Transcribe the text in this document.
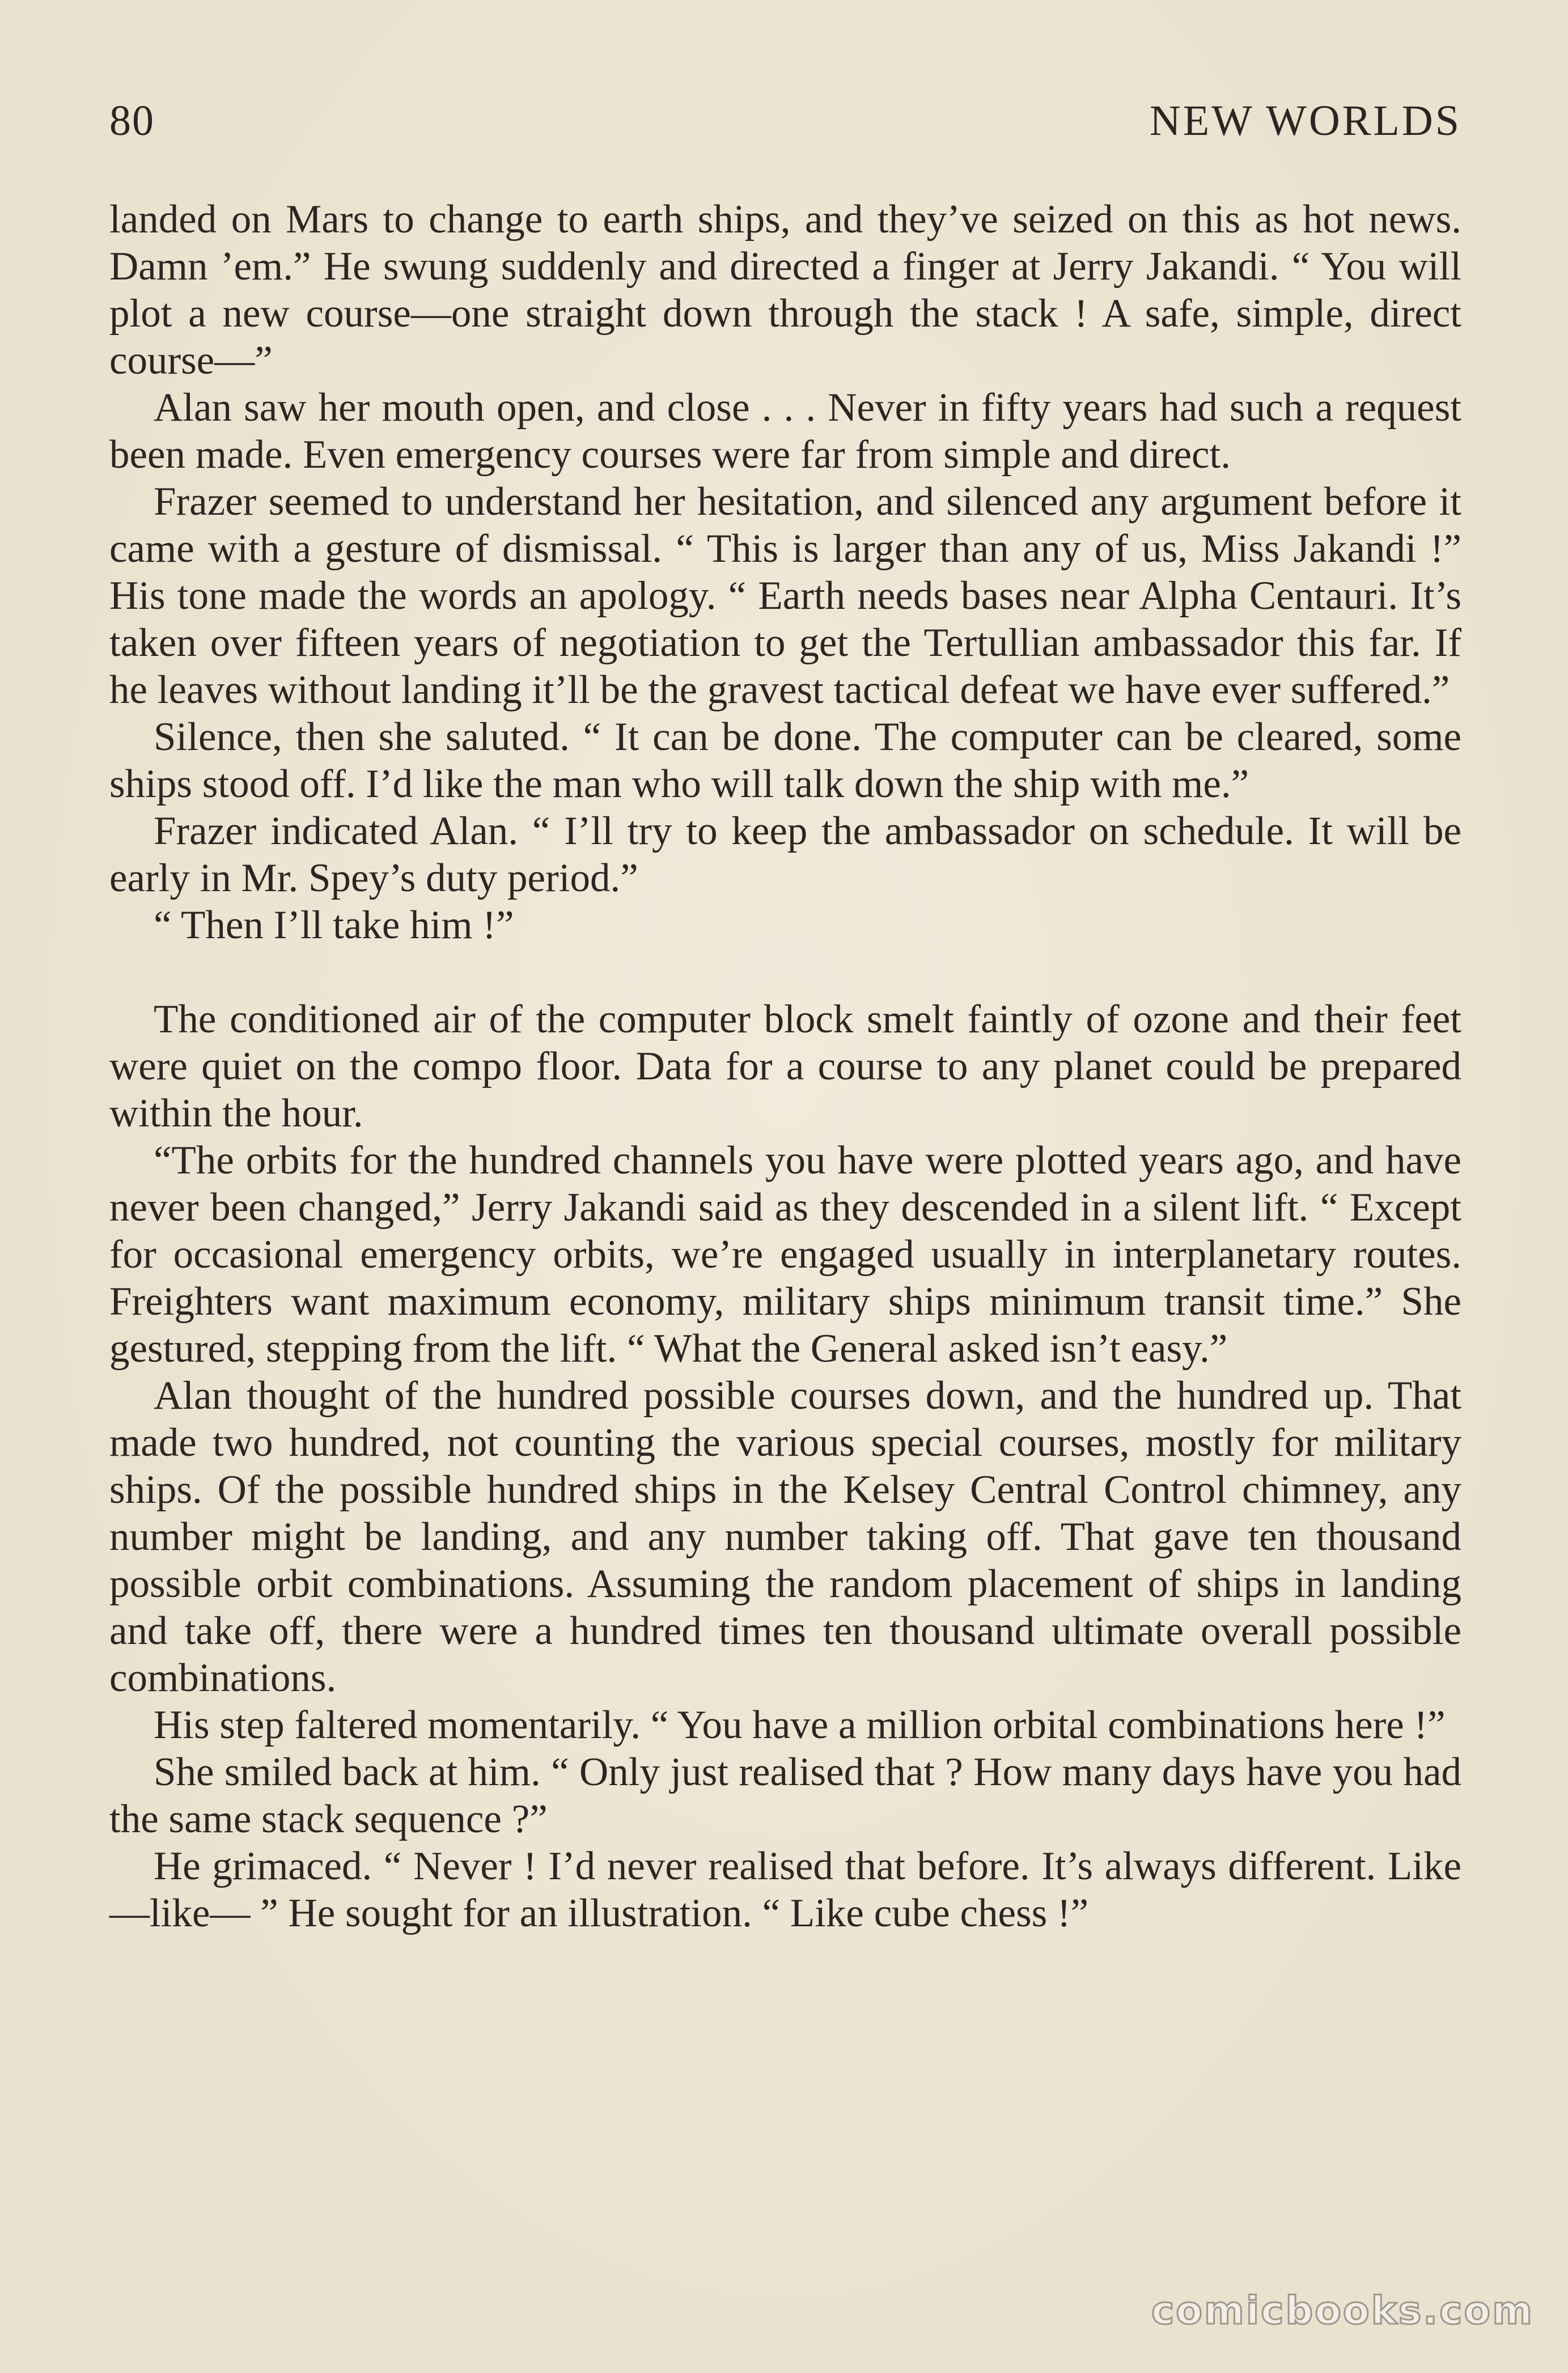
80	NEW WORLDS

landed on Mars to change to earth ships, and they’ve seized on this as hot news. Damn ’em.” He swung suddenly and directed a finger at Jerry Jakandi. “ You will plot a new course—one straight down through the stack ! A safe, simple, direct course—”

Alan saw her mouth open, and close . . . Never in fifty years had such a request been made. Even emergency courses were far from simple and direct.

Frazer seemed to understand her hesitation, and silenced any argument before it came with a gesture of dismissal. “ This is larger than any of us, Miss Jakandi !” His tone made the words an apology. “ Earth needs bases near Alpha Centauri. It’s taken over fifteen years of negotiation to get the Tertullian ambassador this far. If he leaves without landing it’ll be the gravest tactical defeat we have ever suffered.”

Silence, then she saluted. “ It can be done. The computer can be cleared, some ships stood off. I’d like the man who will talk down the ship with me.”

Frazer indicated Alan. “ I’ll try to keep the ambassador on schedule. It will be early in Mr. Spey’s duty period.”

“ Then I’ll take him !”

The conditioned air of the computer block smelt faintly of ozone and their feet were quiet on the compo floor. Data for a course to any planet could be prepared within the hour.

“The orbits for the hundred channels you have were plotted years ago, and have never been changed,” Jerry Jakandi said as they descended in a silent lift. “ Except for occasional emergency orbits, we’re engaged usually in interplanetary routes. Freighters want maximum economy, military ships minimum transit time.” She gestured, stepping from the lift. “ What the General asked isn’t easy.”

Alan thought of the hundred possible courses down, and the hundred up. That made two hundred, not counting the various special courses, mostly for military ships. Of the possible hundred ships in the Kelsey Central Control chimney, any number might be landing, and any number taking off. That gave ten thousand possible orbit combinations. Assuming the random placement of ships in landing and take off, there were a hundred times ten thousand ultimate overall possible combinations.

His step faltered momentarily. “ You have a million orbital combinations here !”

She smiled back at him. “ Only just realised that ? How many days have you had the same stack sequence ?”

He grimaced. “ Never ! I’d never realised that before. It’s always different. Like—like— ” He sought for an illustration. “ Like cube chess !”

comicbooks.com
